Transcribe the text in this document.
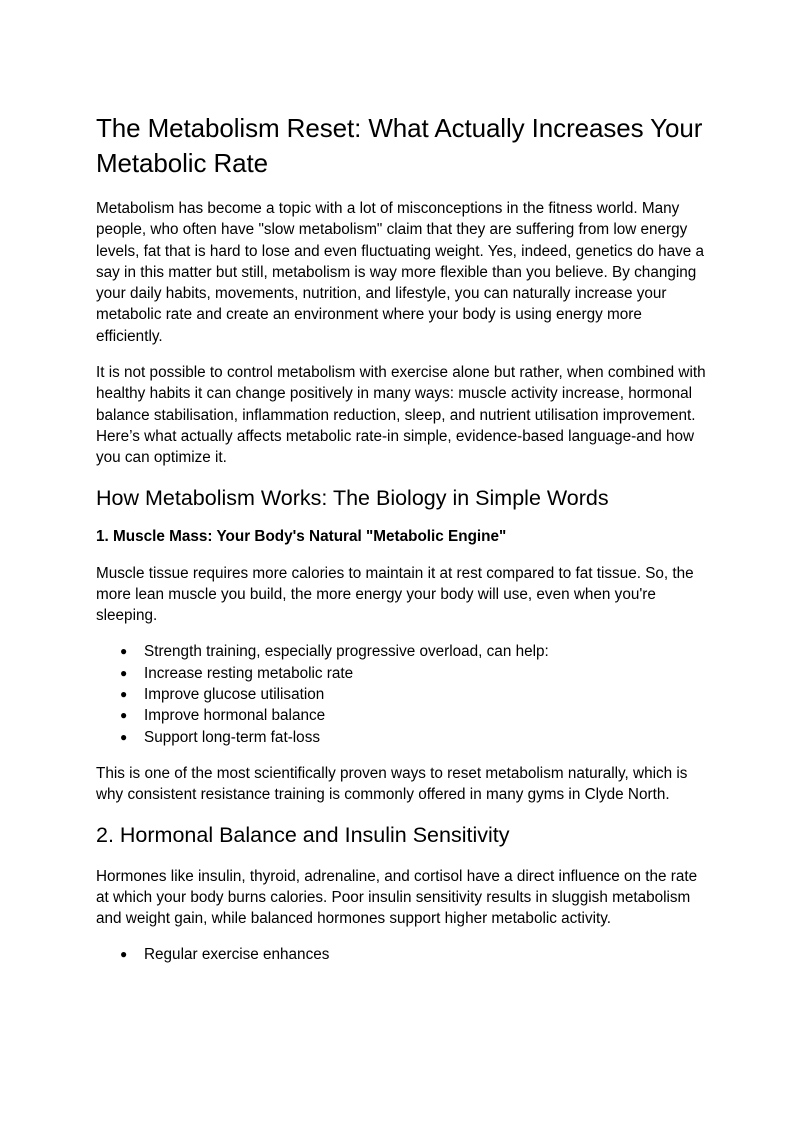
The Metabolism Reset: What Actually Increases Your Metabolic Rate

Metabolism has become a topic with a lot of misconceptions in the fitness world. Many people, who often have "slow metabolism" claim that they are suffering from low energy levels, fat that is hard to lose and even fluctuating weight. Yes, indeed, genetics do have a say in this matter but still, metabolism is way more flexible than you believe. By changing your daily habits, movements, nutrition, and lifestyle, you can naturally increase your metabolic rate and create an environment where your body is using energy more efficiently.

It is not possible to control metabolism with exercise alone but rather, when combined with healthy habits it can change positively in many ways: muscle activity increase, hormonal balance stabilisation, inflammation reduction, sleep, and nutrient utilisation improvement. Here’s what actually affects metabolic rate-in simple, evidence-based language-and how you can optimize it.

How Metabolism Works: The Biology in Simple Words
1. Muscle Mass: Your Body's Natural "Metabolic Engine"

Muscle tissue requires more calories to maintain it at rest compared to fat tissue. So, the more lean muscle you build, the more energy your body will use, even when you're sleeping.

● Strength training, especially progressive overload, can help:
● Increase resting metabolic rate
● Improve glucose utilisation
● Improve hormonal balance
● Support long-term fat-loss

This is one of the most scientifically proven ways to reset metabolism naturally, which is why consistent resistance training is commonly offered in many gyms in Clyde North.

2. Hormonal Balance and Insulin Sensitivity

Hormones like insulin, thyroid, adrenaline, and cortisol have a direct influence on the rate at which your body burns calories. Poor insulin sensitivity results in sluggish metabolism and weight gain, while balanced hormones support higher metabolic activity.

● Regular exercise enhances
